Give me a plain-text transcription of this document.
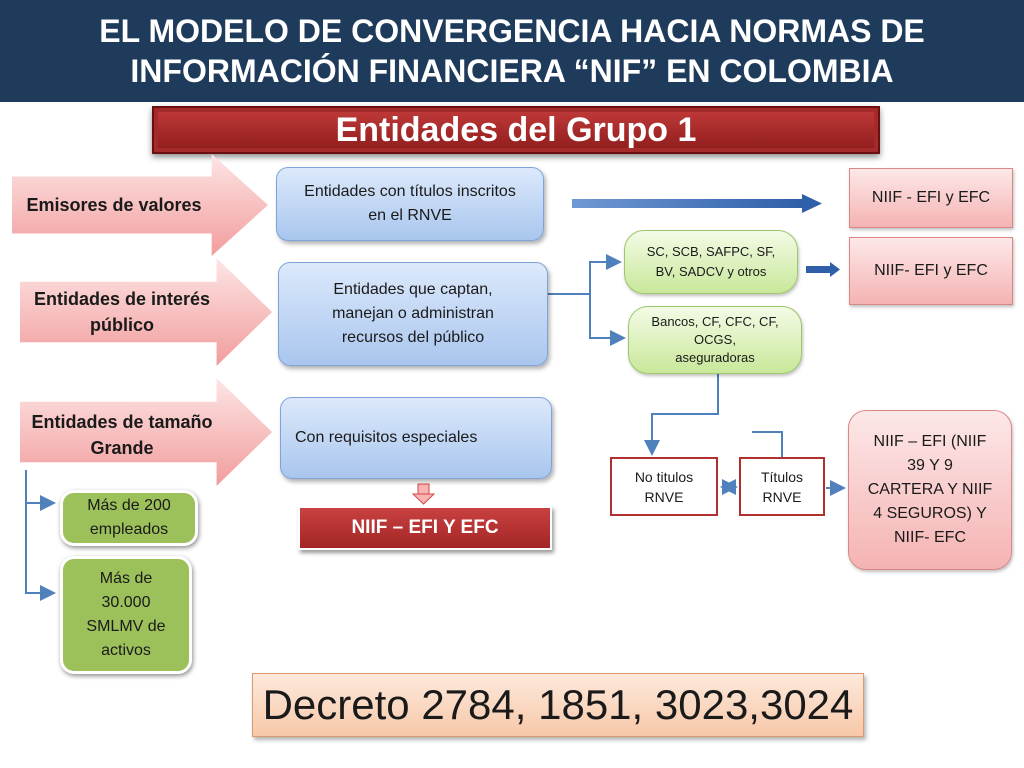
EL MODELO DE CONVERGENCIA HACIA NORMAS DE
INFORMACIÓN FINANCIERA “NIF” EN COLOMBIA
Entidades del Grupo 1
Emisores de valores
Entidades de interés
público
Entidades de tamaño
Grande
Entidades con títulos inscritos
en el RNVE
Entidades que captan,
manejan o administran
recursos del público
Con requisitos especiales
SC, SCB, SAFPC, SF,
BV, SADCV y otros
Bancos, CF, CFC, CF,
OCGS,
aseguradoras
Más de 200
empleados
Más de
30.000
SMLMV de
activos
NIIF - EFI y EFC
NIIF- EFI y EFC
NIIF – EFI (NIIF
39 Y 9
CARTERA Y NIIF
4 SEGUROS) Y
NIIF- EFC
No titulos
RNVE
Títulos
RNVE
NIIF – EFI Y EFC
Decreto 2784, 1851, 3023,3024
